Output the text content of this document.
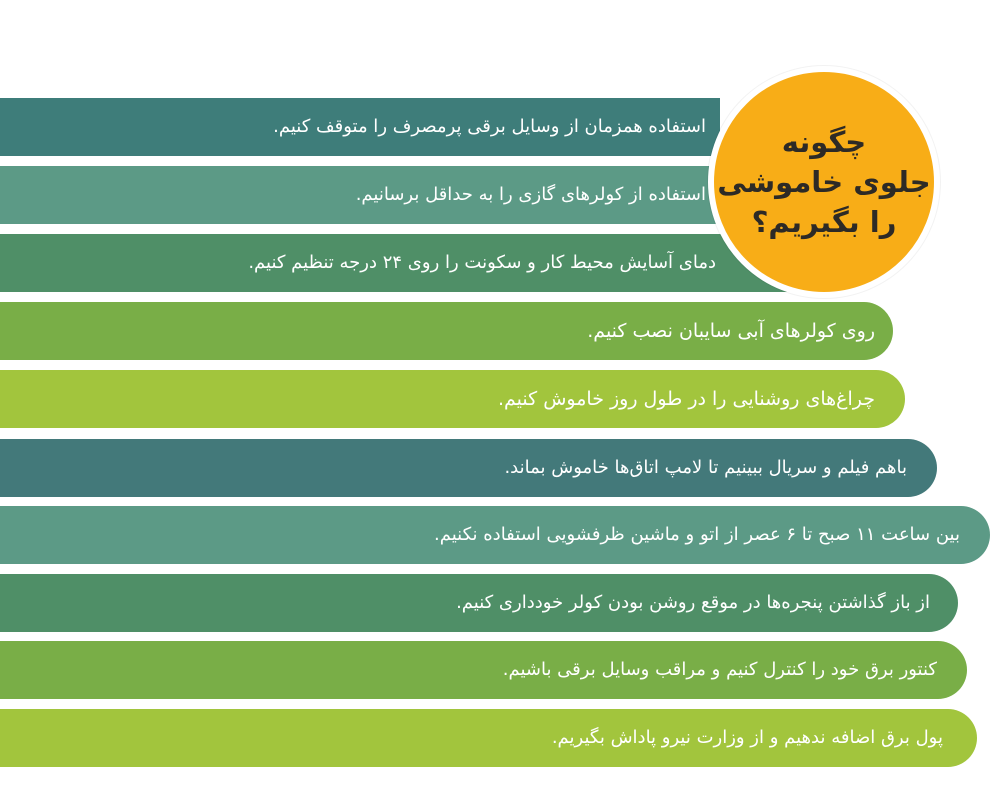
استفاده همزمان از وسایل برقی پرمصرف را متوقف کنیم.
استفاده از کولرهای گازی را به حداقل برسانیم.
دمای آسایش محیط کار و سکونت را روی ۲۴ درجه تنظیم کنیم.
روی کولرهای آبی سایبان نصب کنیم.
چراغ‌های روشنایی را در طول روز خاموش کنیم.
باهم فیلم و سریال ببینیم تا لامپ اتاق‌ها خاموش بماند.
بین ساعت ۱۱ صبح تا ۶ عصر از اتو و ماشین ظرفشویی استفاده نکنیم.
از باز گذاشتن پنجره‌ها در موقع روشن بودن کولر خودداری کنیم.
کنتور برق خود را کنترل کنیم و مراقب وسایل برقی باشیم.
پول برق اضافه ندهیم و از وزارت نیرو پاداش بگیریم.
چگونه
جلوی خاموشی
را بگیریم؟
